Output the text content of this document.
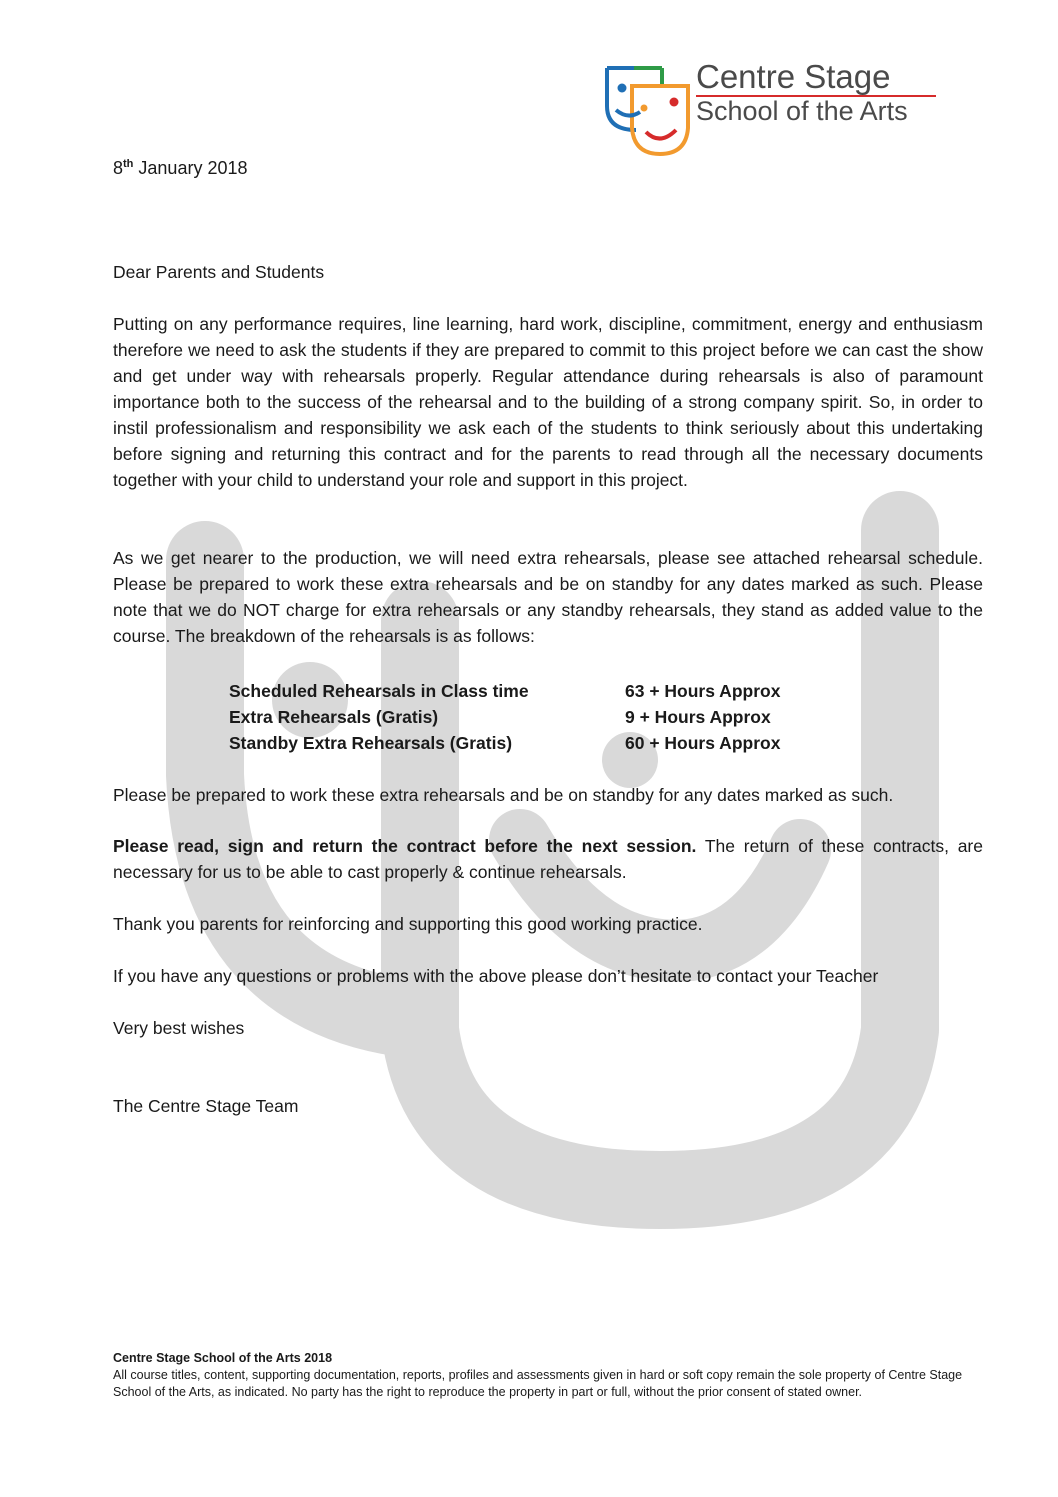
Centre Stage
School of the Arts
8th January 2018
Dear Parents and Students
Putting on any performance requires, line learning, hard work, discipline, commitment, energy and enthusiasm therefore we need to ask the students if they are prepared to commit to this project before we can cast the show and get under way with rehearsals properly. Regular attendance during rehearsals is also of paramount importance both to the success of the rehearsal and to the building of a strong company spirit. So, in order to instil professionalism and responsibility we ask each of the students to think seriously about this undertaking before signing and returning this contract and for the parents to read through all the necessary documents together with your child to understand your role and support in this project.
As we get nearer to the production, we will need extra rehearsals, please see attached rehearsal schedule. Please be prepared to work these extra rehearsals and be on standby for any dates marked as such. Please note that we do NOT charge for extra rehearsals or any standby rehearsals, they stand as added value to the course. The breakdown of the rehearsals is as follows:
Scheduled Rehearsals in Class time	63 + Hours Approx
Extra Rehearsals (Gratis)	9 + Hours Approx
Standby Extra Rehearsals (Gratis)	60 + Hours Approx
Please be prepared to work these extra rehearsals and be on standby for any dates marked as such.
Please read, sign and return the contract before the next session. The return of these contracts, are necessary for us to be able to cast properly & continue rehearsals.
Thank you parents for reinforcing and supporting this good working practice.
If you have any questions or problems with the above please don’t hesitate to contact your Teacher
Very best wishes
The Centre Stage Team
Centre Stage School of the Arts 2018
All course titles, content, supporting documentation, reports, profiles and assessments given in hard or soft copy remain the sole property of Centre Stage School of the Arts, as indicated. No party has the right to reproduce the property in part or full, without the prior consent of stated owner.
